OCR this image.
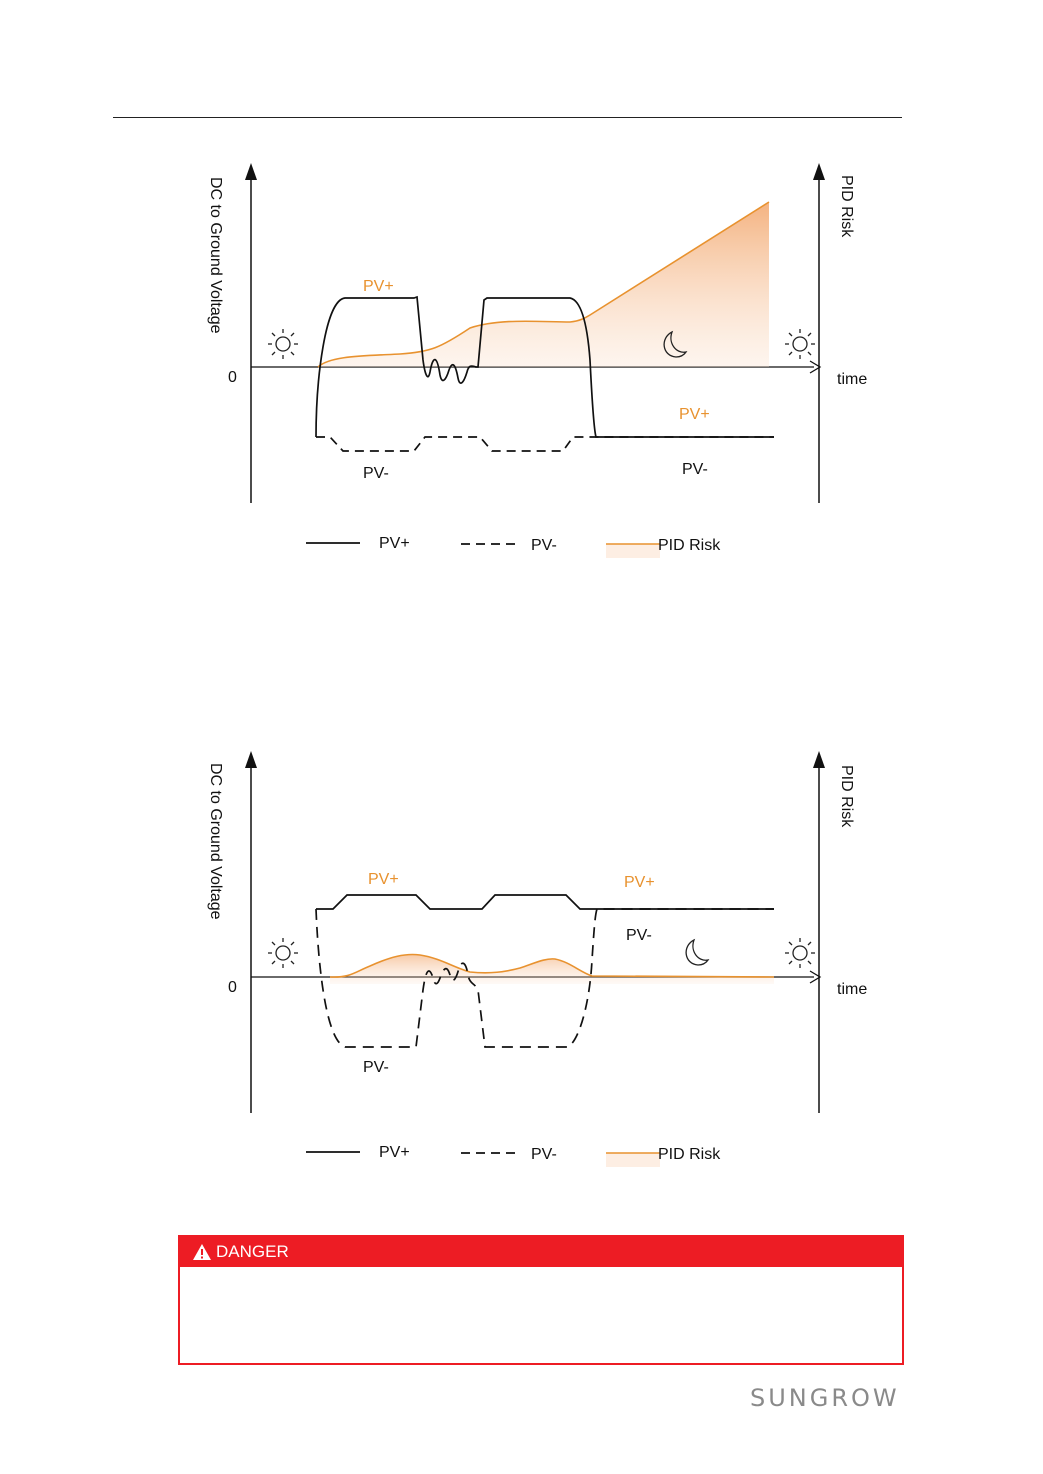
PV+
PV-
PV+
PV-
0	time
DC to Ground Voltage	PID Risk
PV+	PV-	PID Risk
PV+
PV-
PV+
PV-
0	time
DC to Ground Voltage	PID Risk
PV+	PV-	PID Risk
DANGER
SUNGROW
